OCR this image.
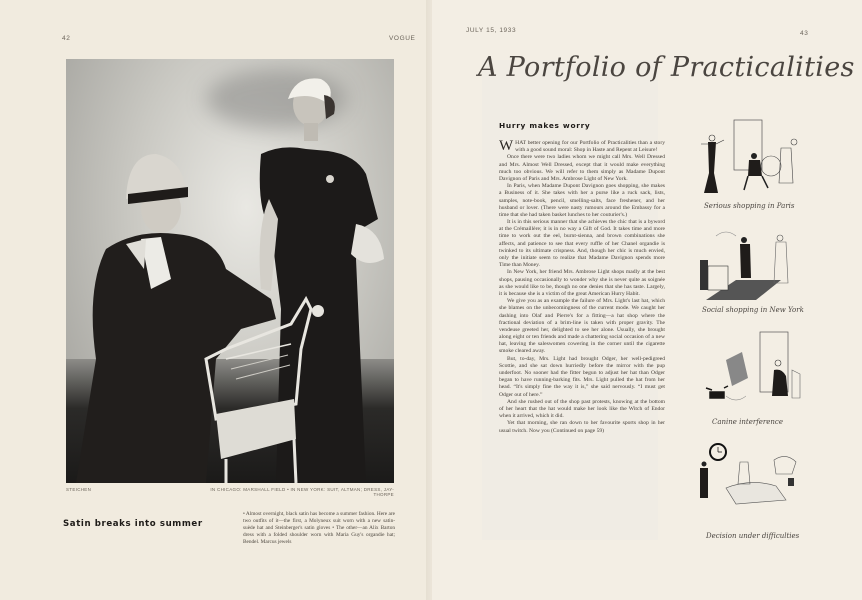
42	VOGUE
STEICHEN	IN CHICAGO: MARSHALL FIELD • IN NEW YORK: SUIT, ALTMAN; DRESS, JAY-THORPE
Satin breaks into summer
• Almost overnight, black satin has become a summer fashion. Here are two outfits of it—the first, a Molyneux suit worn with a new satin-suède hat and Steinberger's satin gloves • The other—an Alix Barton dress with a folded shoulder worn with Maria Guy's organdie hat; Bendel. Marcus jewels
JULY 15, 1933	43
A Portfolio of Practicalities
Hurry makes worry

WHAT better opening for our Portfolio of Practicalities than a story with a good sound moral: Shop in Haste and Repent at Leisure!

Once there were two ladies whom we might call Mrs. Well Dressed and Mrs. Almost Well Dressed, except that it would make everything much too obvious. We will refer to them simply as Madame Dupont Davignon of Paris and Mrs. Ambrose Light of New York.

In Paris, when Madame Dupont Davignon goes shopping, she makes a Business of it. She takes with her a purse like a ruck sack, lists, samples, note-book, pencil, smelling-salts, face freshener, and her husband or lover. (There were nasty rumours around the Embassy for a time that she had taken basket lunches to her couturier's.)

It is in this serious manner that she achieves the chic that is a byword at the Crémaillère; it is in no way a Gift of God. It takes time and more time to work out the eel, burnt-sienna, and brown combinations she affects, and patience to see that every ruffle of her Chanel organdie is twinked to its ultimate crispness. And, though her chic is much envied, only the initiate seem to realize that Madame Davignon spends more Time than Money.

In New York, her friend Mrs. Ambrose Light shops madly at the best shops, pausing occasionally to wonder why she is never quite as soignée as she would like to be, though no one denies that she has taste. Largely, it is because she is a victim of the great American Hurry Habit.

We give you as an example the failure of Mrs. Light's last hat, which she blames on the unbecomingness of the current mode. We caught her dashing into Olaf and Pierre's for a fitting—a hat shop where the fractional deviation of a brim-line is taken with proper gravity. The vendeuse greeted her, delighted to see her alone. Usually, she brought along eight or ten friends and made a chattering social occasion of a new hat, leaving the saleswomen cowering in the corner until the cigarette smoke cleared away.

But, to-day, Mrs. Light had brought Odger, her well-pedigreed Scottie, and she sat down hurriedly before the mirror with the pup underfoot. No sooner had the fitter begun to adjust her hat than Odger began to have running-barking fits. Mrs. Light pulled the hat from her head. “It's simply fine the way it is,” she said nervously. “I must get Odger out of here.”

And she rushed out of the shop past protests, knowing at the bottom of her heart that the hat would make her look like the Witch of Endor when it arrived, which it did.

Yet that morning, she ran down to her favourite sports shop in her usual twitch. Now you (Continued on page 59)

Serious shopping in Paris
Social shopping in New York
Canine interference
Decision under difficulties
